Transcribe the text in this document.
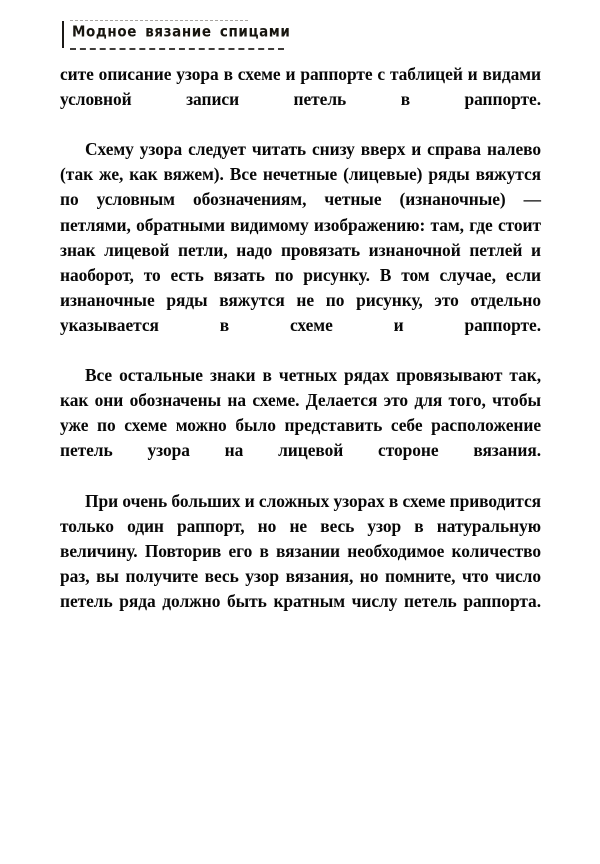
Модное вязание спицами

сите описание узора в схеме и раппорте с таблицей и видами условной записи петель в раппорте.

Схему узора следует читать снизу вверх и справа налево (так же, как вяжем). Все нечетные (лицевые) ряды вяжутся по условным обозначениям, четные (изнаночные) — петлями, обратными видимому изображению: там, где стоит знак лицевой петли, надо провязать изнаночной петлей и наоборот, то есть вязать по рисунку. В том случае, если изнаночные ряды вяжутся не по рисунку, это отдельно указывается в схеме и раппорте.

Все остальные знаки в четных рядах провязывают так, как они обозначены на схеме. Делается это для того, чтобы уже по схеме можно было представить себе расположение петель узора на лицевой стороне вязания.

При очень больших и сложных узорах в схеме приводится только один раппорт, но не весь узор в натуральную величину. Повторив его в вязании необходимое количество раз, вы получите весь узор вязания, но помните, что число петель ряда должно быть кратным числу петель раппорта.
